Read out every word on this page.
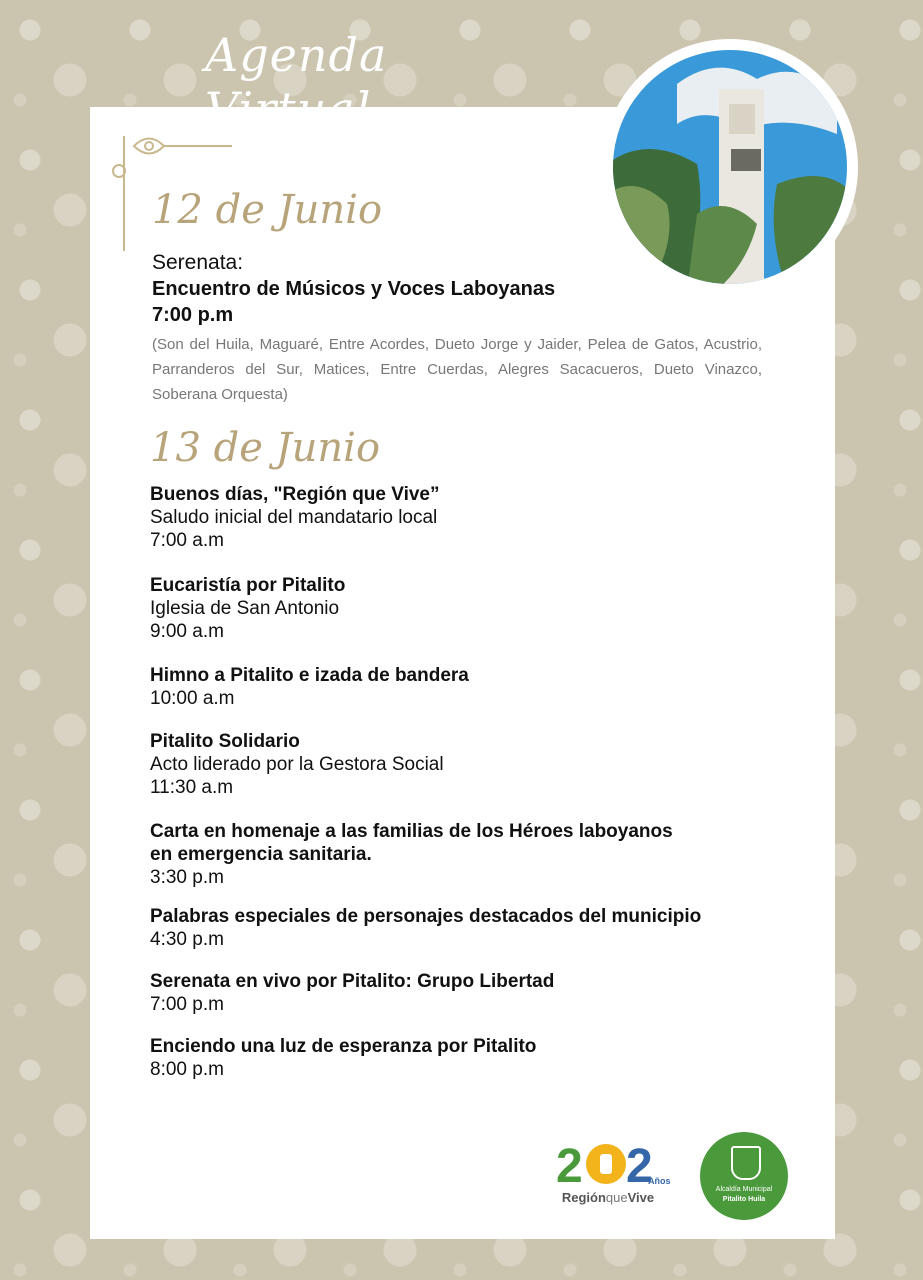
Agenda
12 de Junio
Serenata:
Encuentro de Músicos y Voces Laboyanas
7:00 p.m
(Son del Huila, Maguaré, Entre Acordes, Dueto Jorge y Jaider, Pelea de Gatos, Acustrio, Parranderos del Sur, Matices, Entre Cuerdas, Alegres Sacacueros, Dueto Vinazco, Soberana Orquesta)
13 de Junio
Buenos días, "Región que Vive”
Saludo inicial del mandatario local
7:00 a.m
Eucaristía por Pitalito
Iglesia de San Antonio
9:00 a.m
Himno a Pitalito e izada de bandera
10:00 a.m
Pitalito Solidario
Acto liderado por la Gestora Social
11:30 a.m
Carta en homenaje a las familias de los Héroes laboyanos
en emergencia sanitaria.
3:30 p.m
Palabras especiales de personajes destacados del municipio
4:30 p.m
Serenata en vivo por Pitalito: Grupo Libertad
7:00 p.m
Enciendo una luz de esperanza por Pitalito
8:00 p.m
2 2
Años
RegiónqueVive
Alcaldía Municipal
Pitalito Huila
